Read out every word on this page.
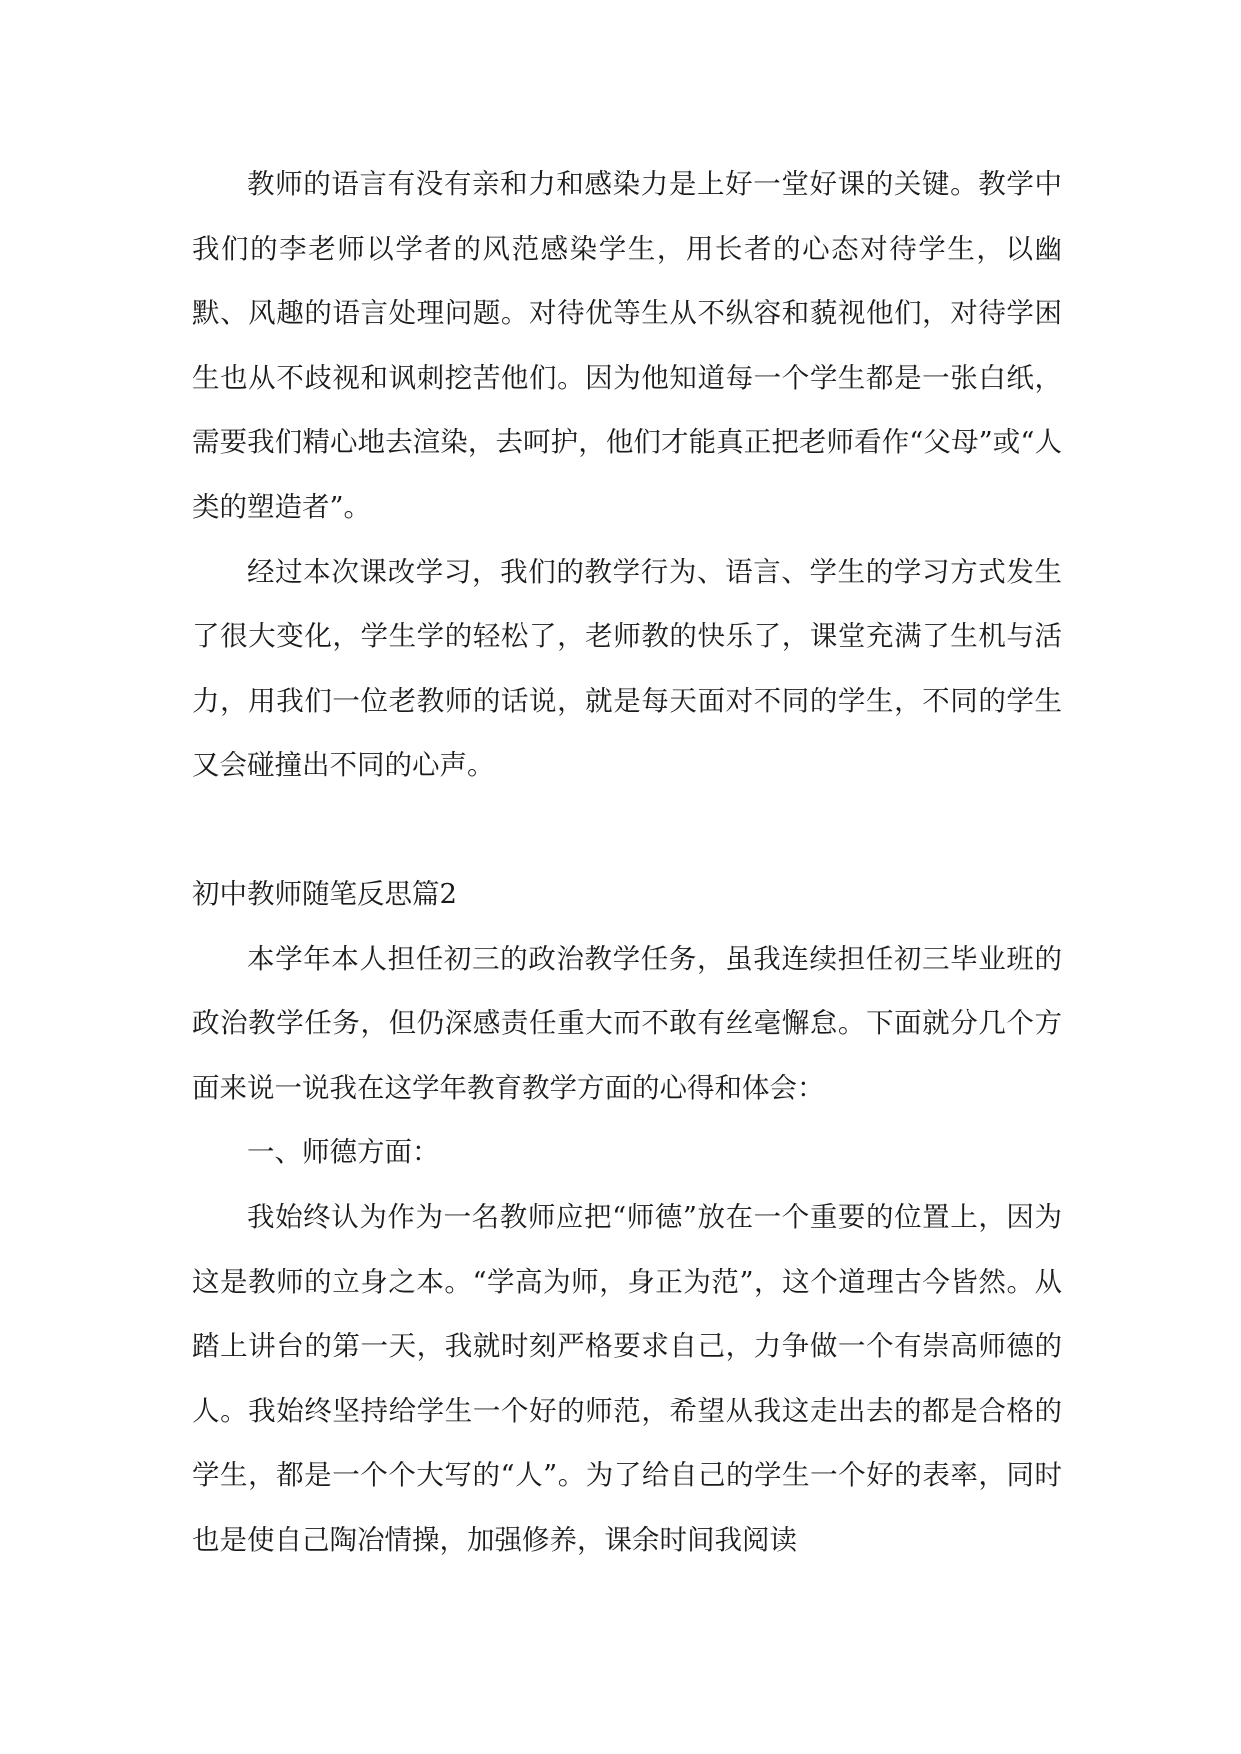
教师的语言有没有亲和力和感染力是上好一堂好课的关键。教学中我们的李老师以学者的风范感染学生，用长者的心态对待学生，以幽默、风趣的语言处理问题。对待优等生从不纵容和藐视他们，对待学困生也从不歧视和讽刺挖苦他们。因为他知道每一个学生都是一张白纸，需要我们精心地去渲染，去呵护，他们才能真正把老师看作“父母”或“人类的塑造者”。

经过本次课改学习，我们的教学行为、语言、学生的学习方式发生了很大变化，学生学的轻松了，老师教的快乐了，课堂充满了生机与活力，用我们一位老教师的话说，就是每天面对不同的学生，不同的学生又会碰撞出不同的心声。

初中教师随笔反思篇2

本学年本人担任初三的政治教学任务，虽我连续担任初三毕业班的政治教学任务，但仍深感责任重大而不敢有丝毫懈怠。下面就分几个方面来说一说我在这学年教育教学方面的心得和体会：

一、师德方面：

我始终认为作为一名教师应把“师德”放在一个重要的位置上，因为这是教师的立身之本。“学高为师，身正为范”，这个道理古今皆然。从踏上讲台的第一天，我就时刻严格要求自己，力争做一个有崇高师德的人。我始终坚持给学生一个好的师范，希望从我这走出去的都是合格的学生，都是一个个大写的“人”。为了给自己的学生一个好的表率，同时也是使自己陶冶情操，加强修养，课余时间我阅读
